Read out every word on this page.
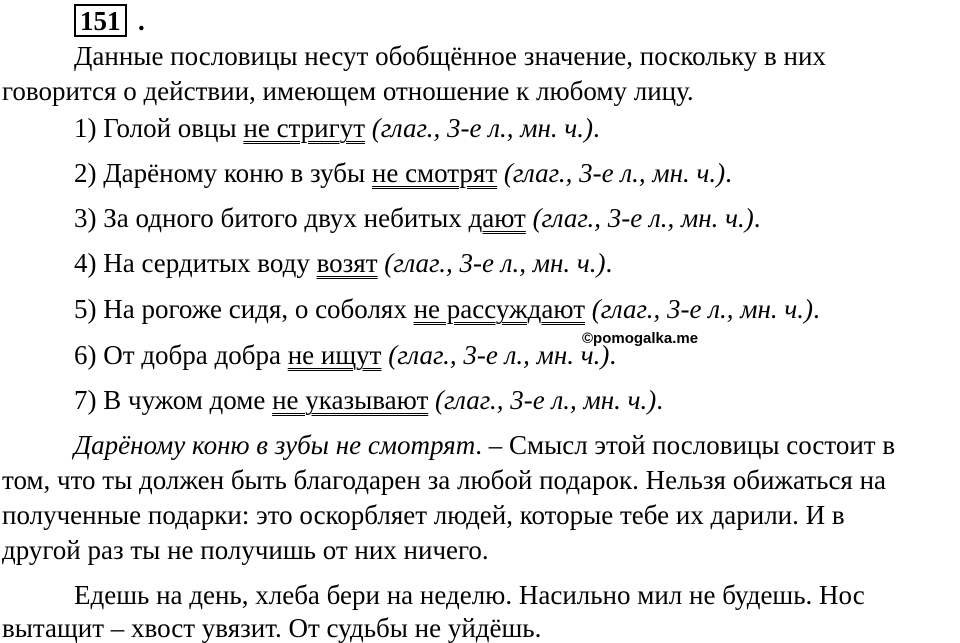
151 .
Данные пословицы несут обобщённое значение, поскольку в них
говорится о действии, имеющем отношение к любому лицу.
1) Голой овцы не стригут (глаг., 3-е л., мн. ч.).
2) Дарёному коню в зубы не смотрят (глаг., 3-е л., мн. ч.).
3) За одного битого двух небитых дают (глаг., 3-е л., мн. ч.).
4) На сердитых воду возят (глаг., 3-е л., мн. ч.).
5) На рогоже сидя, о соболях не рассуждают (глаг., 3-е л., мн. ч.).
©pomogalka.me
6) От добра добра не ищут (глаг., 3-е л., мн. ч.).
7) В чужом доме не указывают (глаг., 3-е л., мн. ч.).
Дарёному коню в зубы не смотрят. – Смысл этой пословицы состоит в
том, что ты должен быть благодарен за любой подарок. Нельзя обижаться на
полученные подарки: это оскорбляет людей, которые тебе их дарили. И в
другой раз ты не получишь от них ничего.
Едешь на день, хлеба бери на неделю. Насильно мил не будешь. Нос
вытащит – хвост увязит. От судьбы не уйдёшь.
